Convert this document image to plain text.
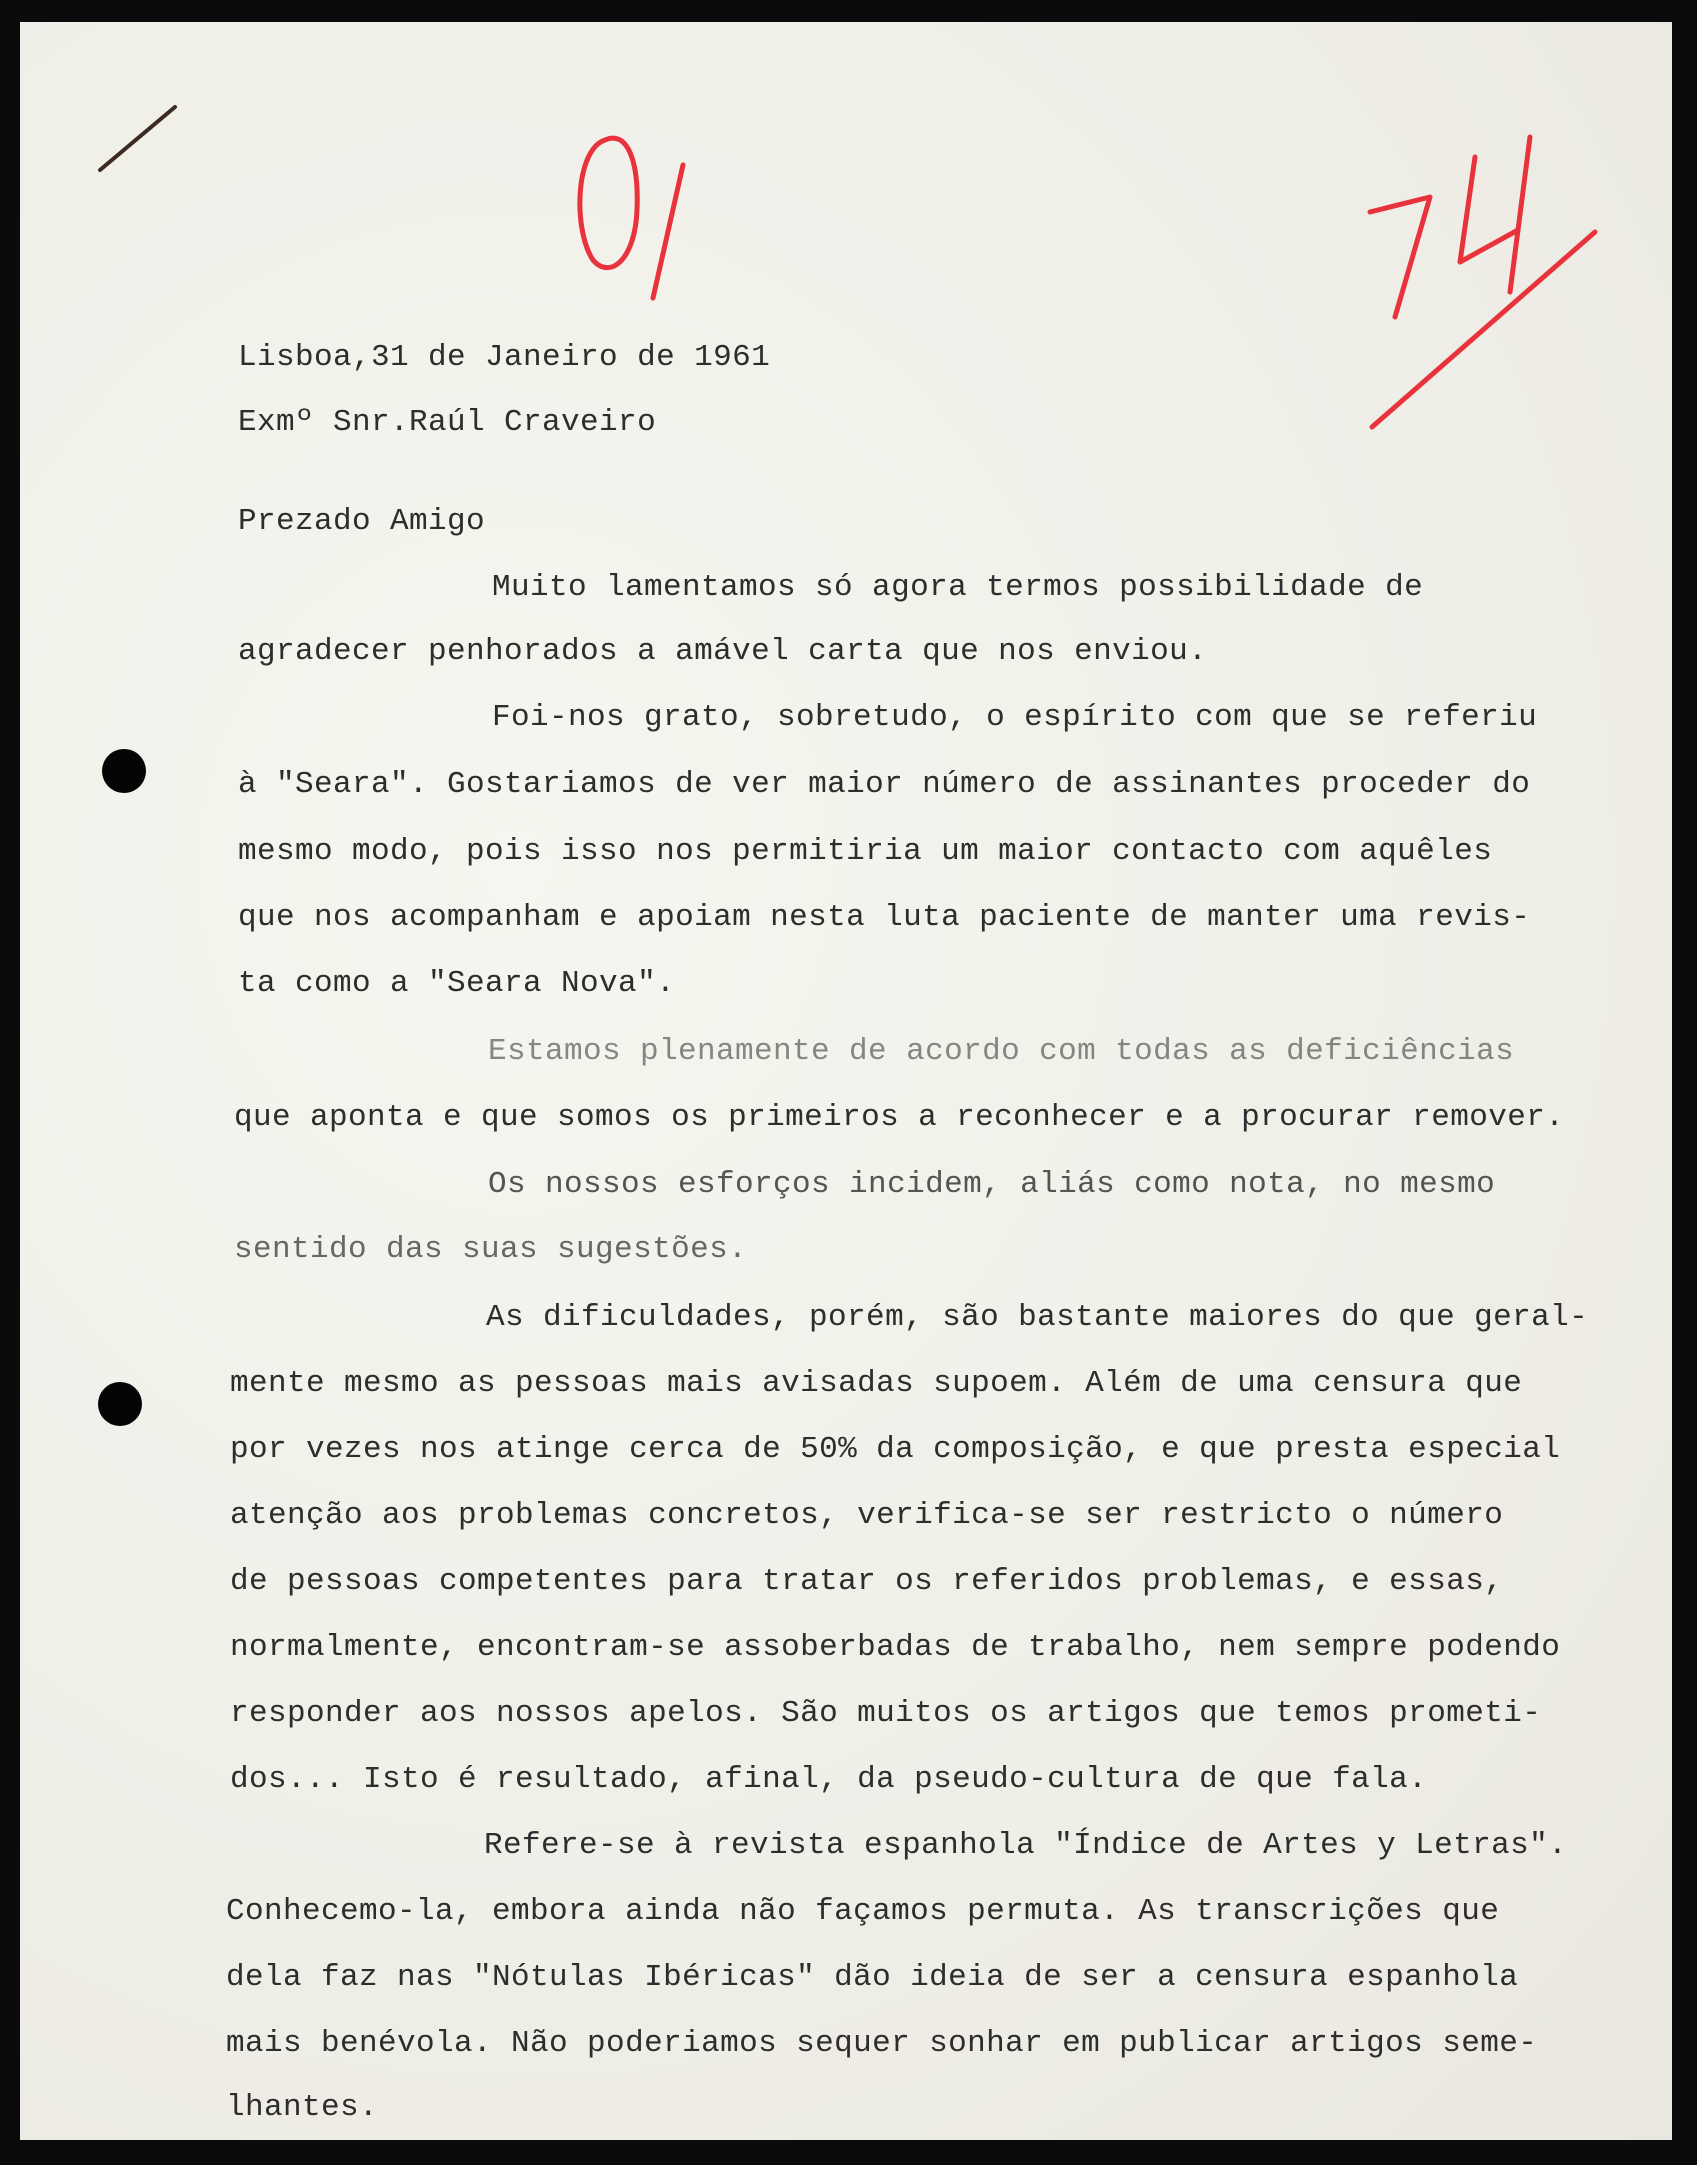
Lisboa,31 de Janeiro de 1961
Exmº Snr.Raúl Craveiro
Prezado Amigo
Muito lamentamos só agora termos possibilidade de
agradecer penhorados a amável carta que nos enviou.
Foi-nos grato, sobretudo, o espírito com que se referiu
à "Seara". Gostariamos de ver maior número de assinantes proceder do
mesmo modo, pois isso nos permitiria um maior contacto com aquêles
que nos acompanham e apoiam nesta luta paciente de manter uma revis-
ta como a "Seara Nova".
Estamos plenamente de acordo com todas as deficiências
que aponta e que somos os primeiros a reconhecer e a procurar remover.
Os nossos esforços incidem, aliás como nota, no mesmo
sentido das suas sugestões.
As dificuldades, porém, são bastante maiores do que geral-
mente mesmo as pessoas mais avisadas supoem. Além de uma censura que
por vezes nos atinge cerca de 50% da composição, e que presta especial
atenção aos problemas concretos, verifica-se ser restricto o número
de pessoas competentes para tratar os referidos problemas, e essas,
normalmente, encontram-se assoberbadas de trabalho, nem sempre podendo
responder aos nossos apelos. São muitos os artigos que temos prometi-
dos... Isto é resultado, afinal, da pseudo-cultura de que fala.
Refere-se à revista espanhola "Índice de Artes y Letras".
Conhecemo-la, embora ainda não façamos permuta. As transcrições que
dela faz nas "Nótulas Ibéricas" dão ideia de ser a censura espanhola
mais benévola. Não poderiamos sequer sonhar em publicar artigos seme-
lhantes.
